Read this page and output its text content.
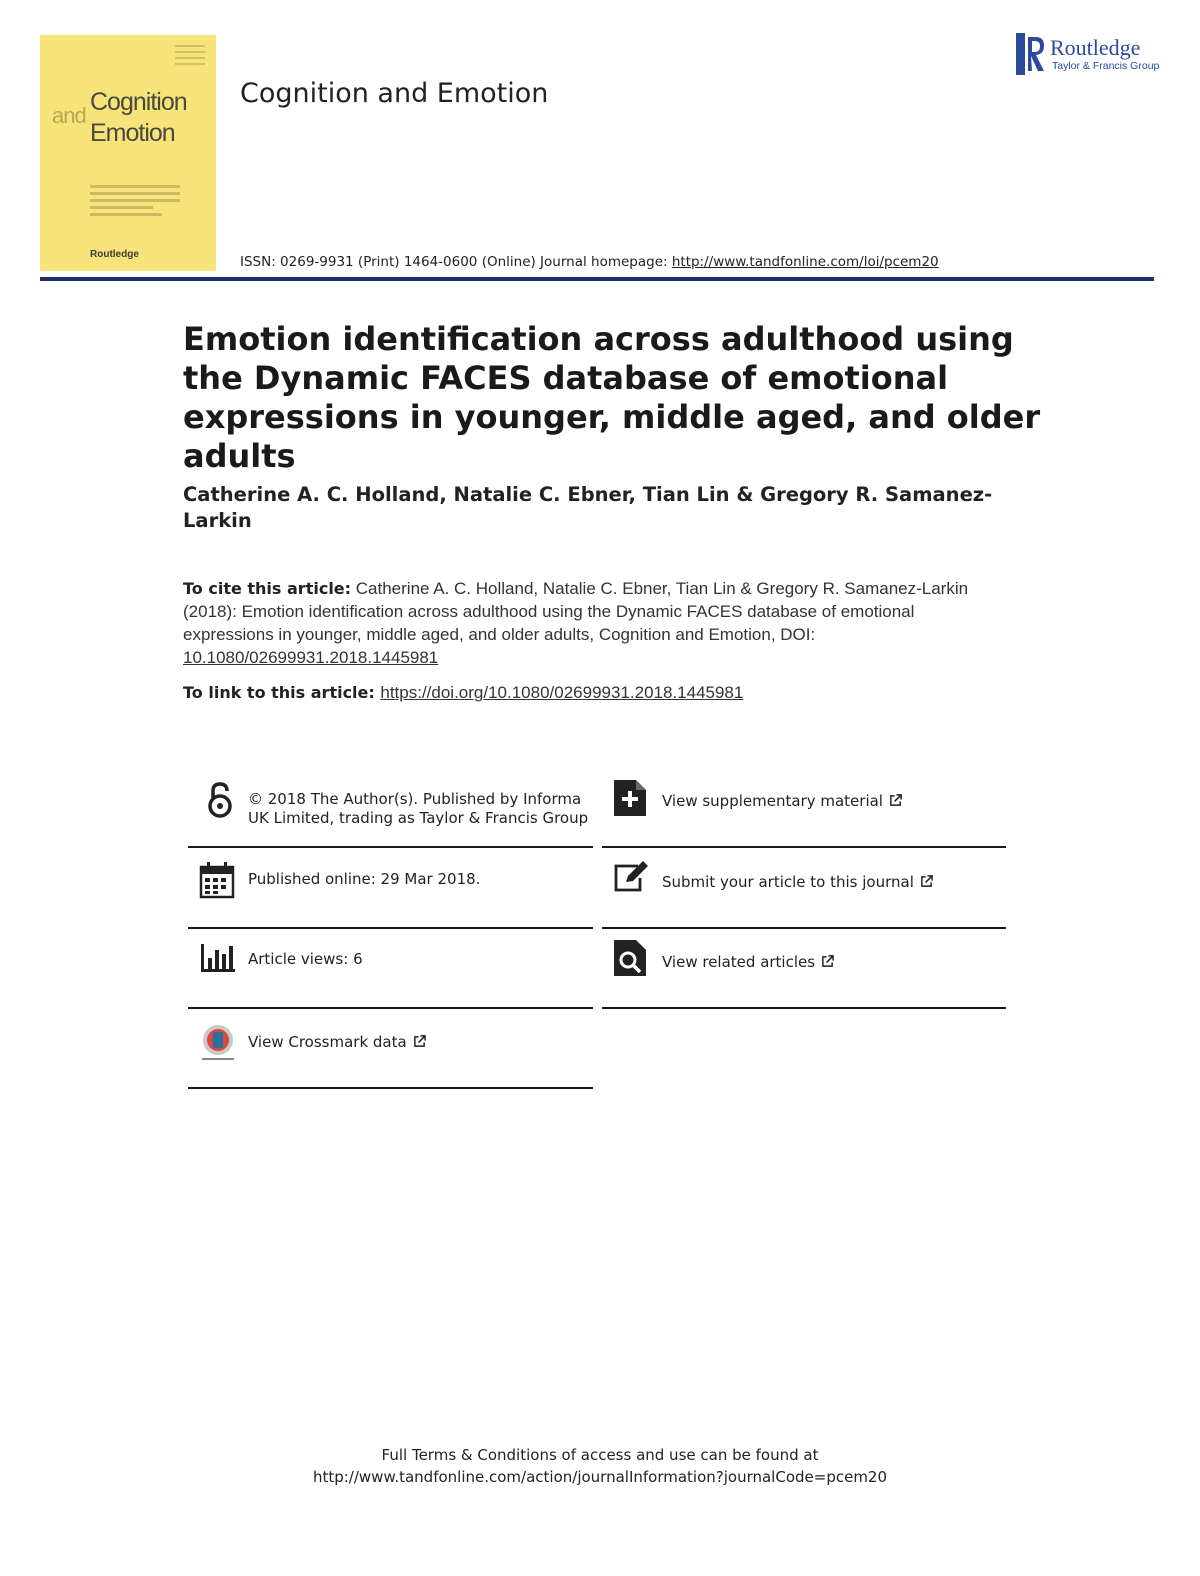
and Cognition
Emotion
Routledge
Cognition and Emotion
ISSN: 0269-9931 (Print) 1464-0600 (Online) Journal homepage: http://www.tandfonline.com/loi/pcem20
Routledge
Taylor & Francis Group
Emotion identification across adulthood using the Dynamic FACES database of emotional expressions in younger, middle aged, and older adults
Catherine A. C. Holland, Natalie C. Ebner, Tian Lin & Gregory R. Samanez-Larkin
To cite this article: Catherine A. C. Holland, Natalie C. Ebner, Tian Lin & Gregory R. Samanez-Larkin (2018): Emotion identification across adulthood using the Dynamic FACES database of emotional expressions in younger, middle aged, and older adults, Cognition and Emotion, DOI: 10.1080/02699931.2018.1445981
To link to this article: https://doi.org/10.1080/02699931.2018.1445981
© 2018 The Author(s). Published by Informa UK Limited, trading as Taylor & Francis Group
Published online: 29 Mar 2018.
Article views: 6
View Crossmark data
View supplementary material
Submit your article to this journal
View related articles
Full Terms & Conditions of access and use can be found at
http://www.tandfonline.com/action/journalInformation?journalCode=pcem20
